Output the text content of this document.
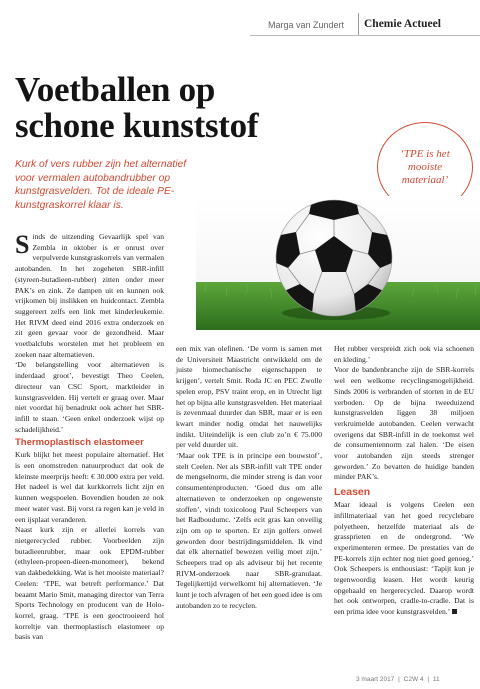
Marga van Zundert Chemie Actueel
Voetballen op schone kunststof

Kurk of vers rubber zijn het alternatief voor vermalen autobandrubber op kunstgrasvelden. Tot de ideale PE-kunstgraskorrel klaar is.

‘TPE is het mooiste materiaal’

Sinds de uitzending Gevaarlijk spel van Zembla in oktober is er onrust over verpulverde kunstgraskorrels van vermalen autobanden. In het zogeheten SBR-infill (styreen-butadieen-rubber) zitten onder meer PAK’s en zink. Ze dampen uit en kunnen ook vrijkomen bij inslikken en huidcontact. Zembla suggereert zelfs een link met kinderleukemie. Het RIVM deed eind 2016 extra onderzoek en zit geen gevaar voor de gezondheid. Maar voetbalclubs worstelen met het probleem en zoeken naar alternatieven.

‘De belangstelling voor alternatieven is inderdaad groot’, bevestigt Theo Ceelen, directeur van CSC Sport, marktleider in kunstgrasvelden. Hij vertelt er graag over. Maar niet voordat hij benadrukt ook achter het SBR-infill te staan. ‘Geen enkel onderzoek wijst op schadelijkheid.’

Thermoplastisch elastomeer

Kurk blijkt het meest populaire alternatief. Het is een onomstreden natuurproduct dat ook de kleinste meerprijs heeft: € 30.000 extra per veld. Het nadeel is wel dat kurkkorrels licht zijn en kunnen wegspoelen. Bovendien houden ze ook meer water vast. Bij vorst ra regen kan je veld in een ijsplaat veranderen.

Naast kurk zijn er allerlei korrels van nietgerecycled rubber. Voorbeelden zijn butadieenrubber, maar ook EPDM-rubber (ethyleen-propeen-dieen-monomeer), bekend van dakbedekking. Wat is het mooiste materiaal? Ceelen: ‘TPE, wat betreft performance.’ Dat beaamt Mario Smit, managing director van Terra Sports Technology en producent van de Holo-korrel, graag. ‘TPE is een geoctrooieerd hol korreltje van thermoplastisch elastomeer op basis van

een mix van olefinen. ‘De vorm is samen met de Universiteit Maastricht ontwikkeld om de juiste biomechanische eigenschappen te krijgen’, vertelt Smit. Roda JC en PEC Zwolle spelen erop, PSV traint erop, en in Utrecht ligt het op bijna alle kunstgrasvelden. Het materiaal is zevenmaal duurder dan SBR, maar er is een kwart minder nodig omdat het nauwelijks indikt. Uiteindelijk is een club zo’n € 75.000 per veld duurder uit.

‘Maar ook TPE is in principe een bouwstof’, stelt Ceelen. Net als SBR-infill valt TPE onder de mengselnorm, die minder streng is dan voor consumentenproducten. ‘Goed dus om alle alternatieven te onderzoeken op ongewenste stoffen’, vindt toxicoloog Paul Scheepers van het Radboudumc. ‘Zelfs ecit gras kan onveilig zijn om op te sporten. Er zijn golfers onwel geworden door bestrijdingsmiddelen. Ik vind dat elk alternatief bewezen veilig moet zijn.’ Scheepers trad op als adviseur bij het recente RIVM-onderzoek naar SBR-granulaat. Tegelijkertijd verwelkomt hij alternatieven. ‘Je kunt je toch afvragen of het een goed idee is om autobanden zo te recyclen.

Het rubber verspreidt zich ook via schoenen en kleding.’

Voor de bandenbranche zijn de SBR-korrels wel een welkome recyclingsmogelijkheid. Sinds 2006 is verbranden of storten in de EU verboden. Op de bijna tweeduizend kunstgrasvelden liggen 38 miljoen verkruimelde autobanden. Ceelen verwacht overigens dat SBR-infill in de toekomst wel de consumentennorm zal halen. ‘De eisen voor autobanden zijn steeds strenger geworden.’ Zo bevatten de huidige banden minder PAK’s.

Leasen

Maar ideaal is volgens Ceelen een infillmateriaal van het goed recyclebare polyetheen, hetzelfde materiaal als de grassprieten en de ondergrond. ‘We experimenteren ermee. De prestaties van de PE-korrels zijn echter nog niet goed genoeg.’ Ook Scheepers is enthousiast: ‘Tapijt kun je tegenwoordig leasen. Het wordt keurig opgehaald en hergerecycled. Daarop wordt het ook ontworpen, cradle-to-cradle. Dat is een prima idee voor kunstgrasvelden.’

3 maart 2017 | C2W 4 | 11
